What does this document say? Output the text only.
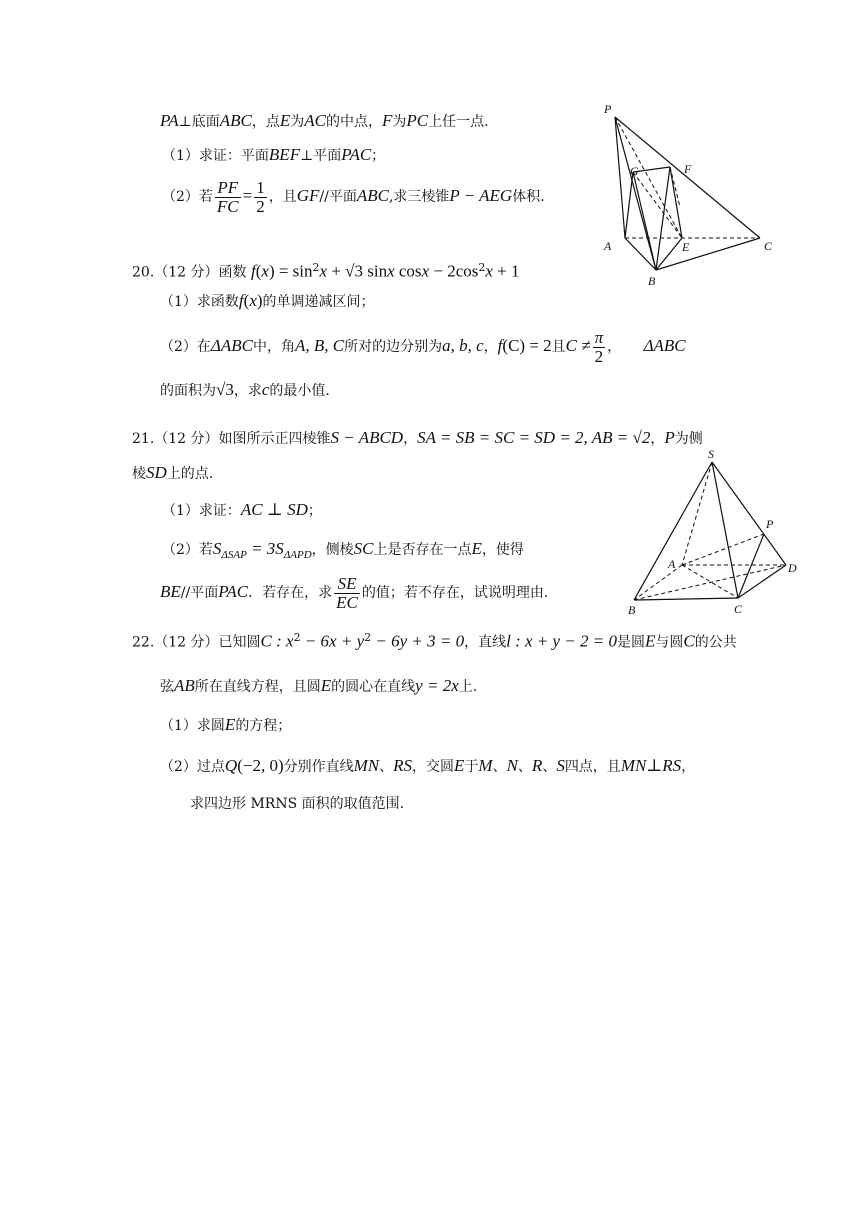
PA⊥底面ABC，点E为AC的中点，F为PC上任一点.
（1）求证：平面BEF⊥平面PAC；
（2）若 $\frac{PF}{FC} = \frac{1}{2}$ ，且GF//平面ABC,求三棱锥P − AEG体积.
P
G	F
A	E	C
B
20.（12 分）函数 $f(x) = \sin^2x + √3$ sinx $\cos x - 2\cos^2x + 1$
（1）求函数f(x)的单调递减区间；
（2）在ΔABC中，角A, B, C所对的边分别为a, b, c，f(C) = 2且$C \ne \frac{\pi}{2}$ ， ΔABC
的面积为√3，求c的最小值.
21.（12 分）如图所示正四棱锥S − ABCD，SA = SB = SC = SD = 2, AB = √2，P为侧
棱SD上的点.
（1）求证：AC ⊥ SD；
（2）若$S_{\Delta SAP} = 3S_{\Delta APD}$，侧棱SC上是否存在一点E，使得
BE//平面PAC．若存在，求 $\frac{SE}{EC}$ 的值；若不存在，试说明理由.
S
P
A	D
B	C
22.（12 分）已知圆C : $x^2 - 6x + y^2 - 6y + 3 = 0$，直线l : x + y − 2 = 0是圆E与圆C的公共
弦AB所在直线方程，且圆E的圆心在直线y = 2x上.
（1）求圆E的方程；
（2）过点Q(−2, 0)分别作直线MN、RS，交圆E于M、N、R、S四点，且MN⊥RS，
求四边形 MRNS 面积的取值范围.
